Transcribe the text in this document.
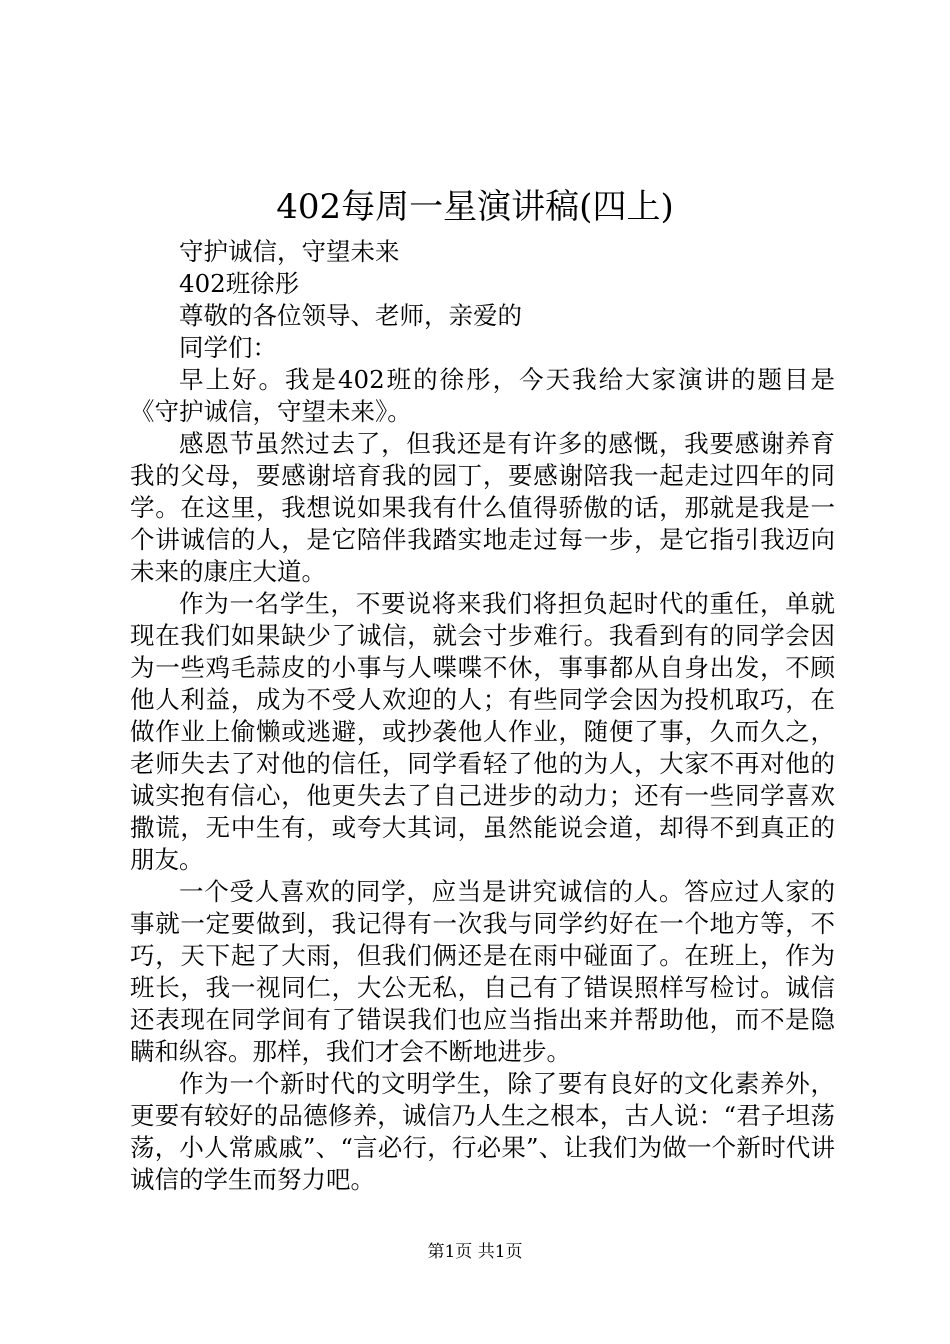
402每周一星演讲稿(四上)

守护诚信，守望未来

402班徐彤

尊敬的各位领导、老师，亲爱的

同学们：

早上好。我是402班的徐彤，今天我给大家演讲的题目是《守护诚信，守望未来》。

感恩节虽然过去了，但我还是有许多的感慨，我要感谢养育我的父母，要感谢培育我的园丁，要感谢陪我一起走过四年的同学。在这里，我想说如果我有什么值得骄傲的话，那就是我是一个讲诚信的人，是它陪伴我踏实地走过每一步，是它指引我迈向未来的康庄大道。

作为一名学生，不要说将来我们将担负起时代的重任，单就现在我们如果缺少了诚信，就会寸步难行。我看到有的同学会因为一些鸡毛蒜皮的小事与人喋喋不休，事事都从自身出发，不顾他人利益，成为不受人欢迎的人；有些同学会因为投机取巧，在做作业上偷懒或逃避，或抄袭他人作业，随便了事，久而久之，老师失去了对他的信任，同学看轻了他的为人，大家不再对他的诚实抱有信心，他更失去了自己进步的动力；还有一些同学喜欢撒谎，无中生有，或夸大其词，虽然能说会道，却得不到真正的朋友。

一个受人喜欢的同学，应当是讲究诚信的人。答应过人家的事就一定要做到，我记得有一次我与同学约好在一个地方等，不巧，天下起了大雨，但我们俩还是在雨中碰面了。在班上，作为班长，我一视同仁，大公无私，自己有了错误照样写检讨。诚信还表现在同学间有了错误我们也应当指出来并帮助他，而不是隐瞒和纵容。那样，我们才会不断地进步。

作为一个新时代的文明学生，除了要有良好的文化素养外，更要有较好的品德修养，诚信乃人生之根本，古人说：“君子坦荡荡，小人常戚戚”、“言必行，行必果”、让我们为做一个新时代讲诚信的学生而努力吧。

第1页 共1页
